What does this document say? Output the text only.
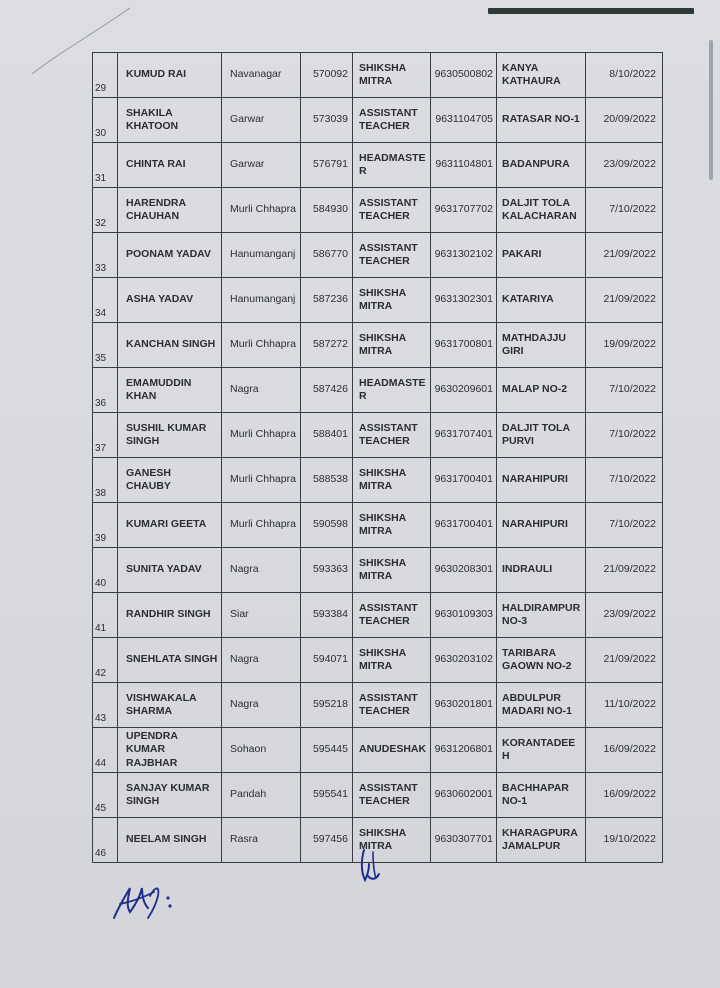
29	KUMUD RAI	Navanagar	570092	SHIKSHA MITRA	9630500802	KANYA KATHAURA	8/10/2022
30	SHAKILA KHATOON	Garwar	573039	ASSISTANT TEACHER	9631104705	RATASAR NO-1	20/09/2022
31	CHINTA RAI	Garwar	576791	HEADMASTER	9631104801	BADANPURA	23/09/2022
32	HARENDRA CHAUHAN	Murli Chhapra	584930	ASSISTANT TEACHER	9631707702	DALJIT TOLA KALACHARAN	7/10/2022
33	POONAM YADAV	Hanumanganj	586770	ASSISTANT TEACHER	9631302102	PAKARI	21/09/2022
34	ASHA YADAV	Hanumanganj	587236	SHIKSHA MITRA	9631302301	KATARIYA	21/09/2022
35	KANCHAN SINGH	Murli Chhapra	587272	SHIKSHA MITRA	9631700801	MATHDAJJU GIRI	19/09/2022
36	EMAMUDDIN KHAN	Nagra	587426	HEADMASTER	9630209601	MALAP NO-2	7/10/2022
37	SUSHIL KUMAR SINGH	Murli Chhapra	588401	ASSISTANT TEACHER	9631707401	DALJIT TOLA PURVI	7/10/2022
38	GANESH CHAUBY	Murli Chhapra	588538	SHIKSHA MITRA	9631700401	NARAHIPURI	7/10/2022
39	KUMARI GEETA	Murli Chhapra	590598	SHIKSHA MITRA	9631700401	NARAHIPURI	7/10/2022
40	SUNITA YADAV	Nagra	593363	SHIKSHA MITRA	9630208301	INDRAULI	21/09/2022
41	RANDHIR SINGH	Siar	593384	ASSISTANT TEACHER	9630109303	HALDIRAMPUR NO-3	23/09/2022
42	SNEHLATA SINGH	Nagra	594071	SHIKSHA MITRA	9630203102	TARIBARA GAOWN NO-2	21/09/2022
43	VISHWAKALA SHARMA	Nagra	595218	ASSISTANT TEACHER	9630201801	ABDULPUR MADARI NO-1	11/10/2022
44	UPENDRA KUMAR RAJBHAR	Sohaon	595445	ANUDESHAK	9631206801	KORANTADEEH	16/09/2022
45	SANJAY KUMAR SINGH	Pandah	595541	ASSISTANT TEACHER	9630602001	BACHHAPAR NO-1	16/09/2022
46	NEELAM SINGH	Rasra	597456	SHIKSHA MITRA	9630307701	KHARAGPURA JAMALPUR	19/10/2022
